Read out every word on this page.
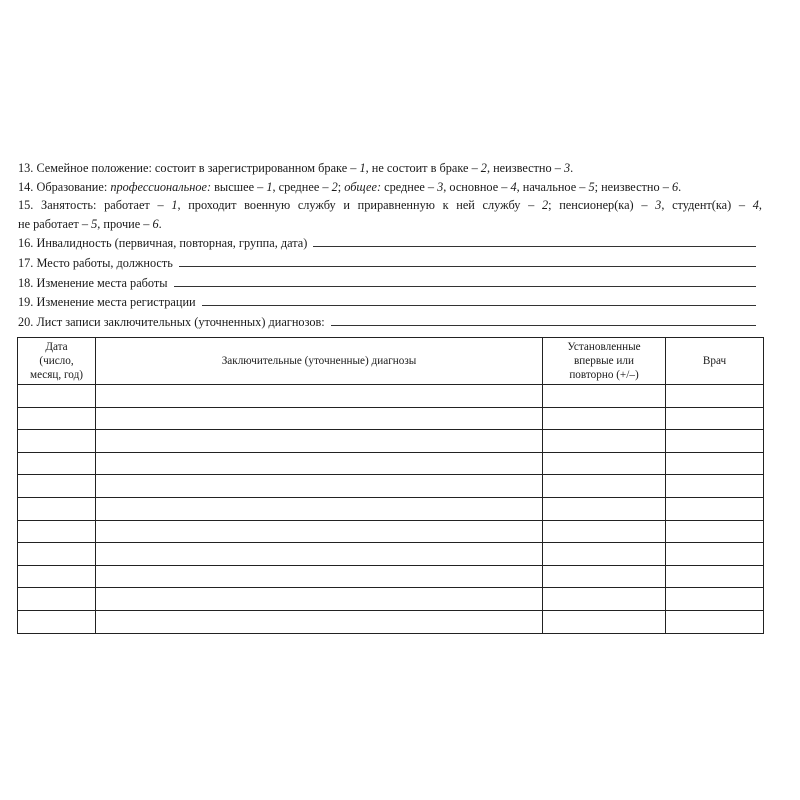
13. Семейное положение: состоит в зарегистрированном браке – 1, не состоит в браке – 2, неизвестно – 3.
14. Образование: профессиональное: высшее – 1, среднее – 2; общее: среднее – 3, основное – 4, начальное – 5; неизвестно – 6.
15. Занятость: работает – 1, проходит военную службу и приравненную к ней службу – 2; пенсионер(ка) – 3, студент(ка) – 4,
не работает – 5, прочие – 6.
16. Инвалидность (первичная, повторная, группа, дата)
17. Место работы, должность
18. Изменение места работы
19. Изменение места регистрации
20. Лист записи заключительных (уточненных) диагнозов:
Дата
(число,
месяц, год)	Заключительные (уточненные) диагнозы	Установленные
впервые или
повторно (+/–)	Врач
